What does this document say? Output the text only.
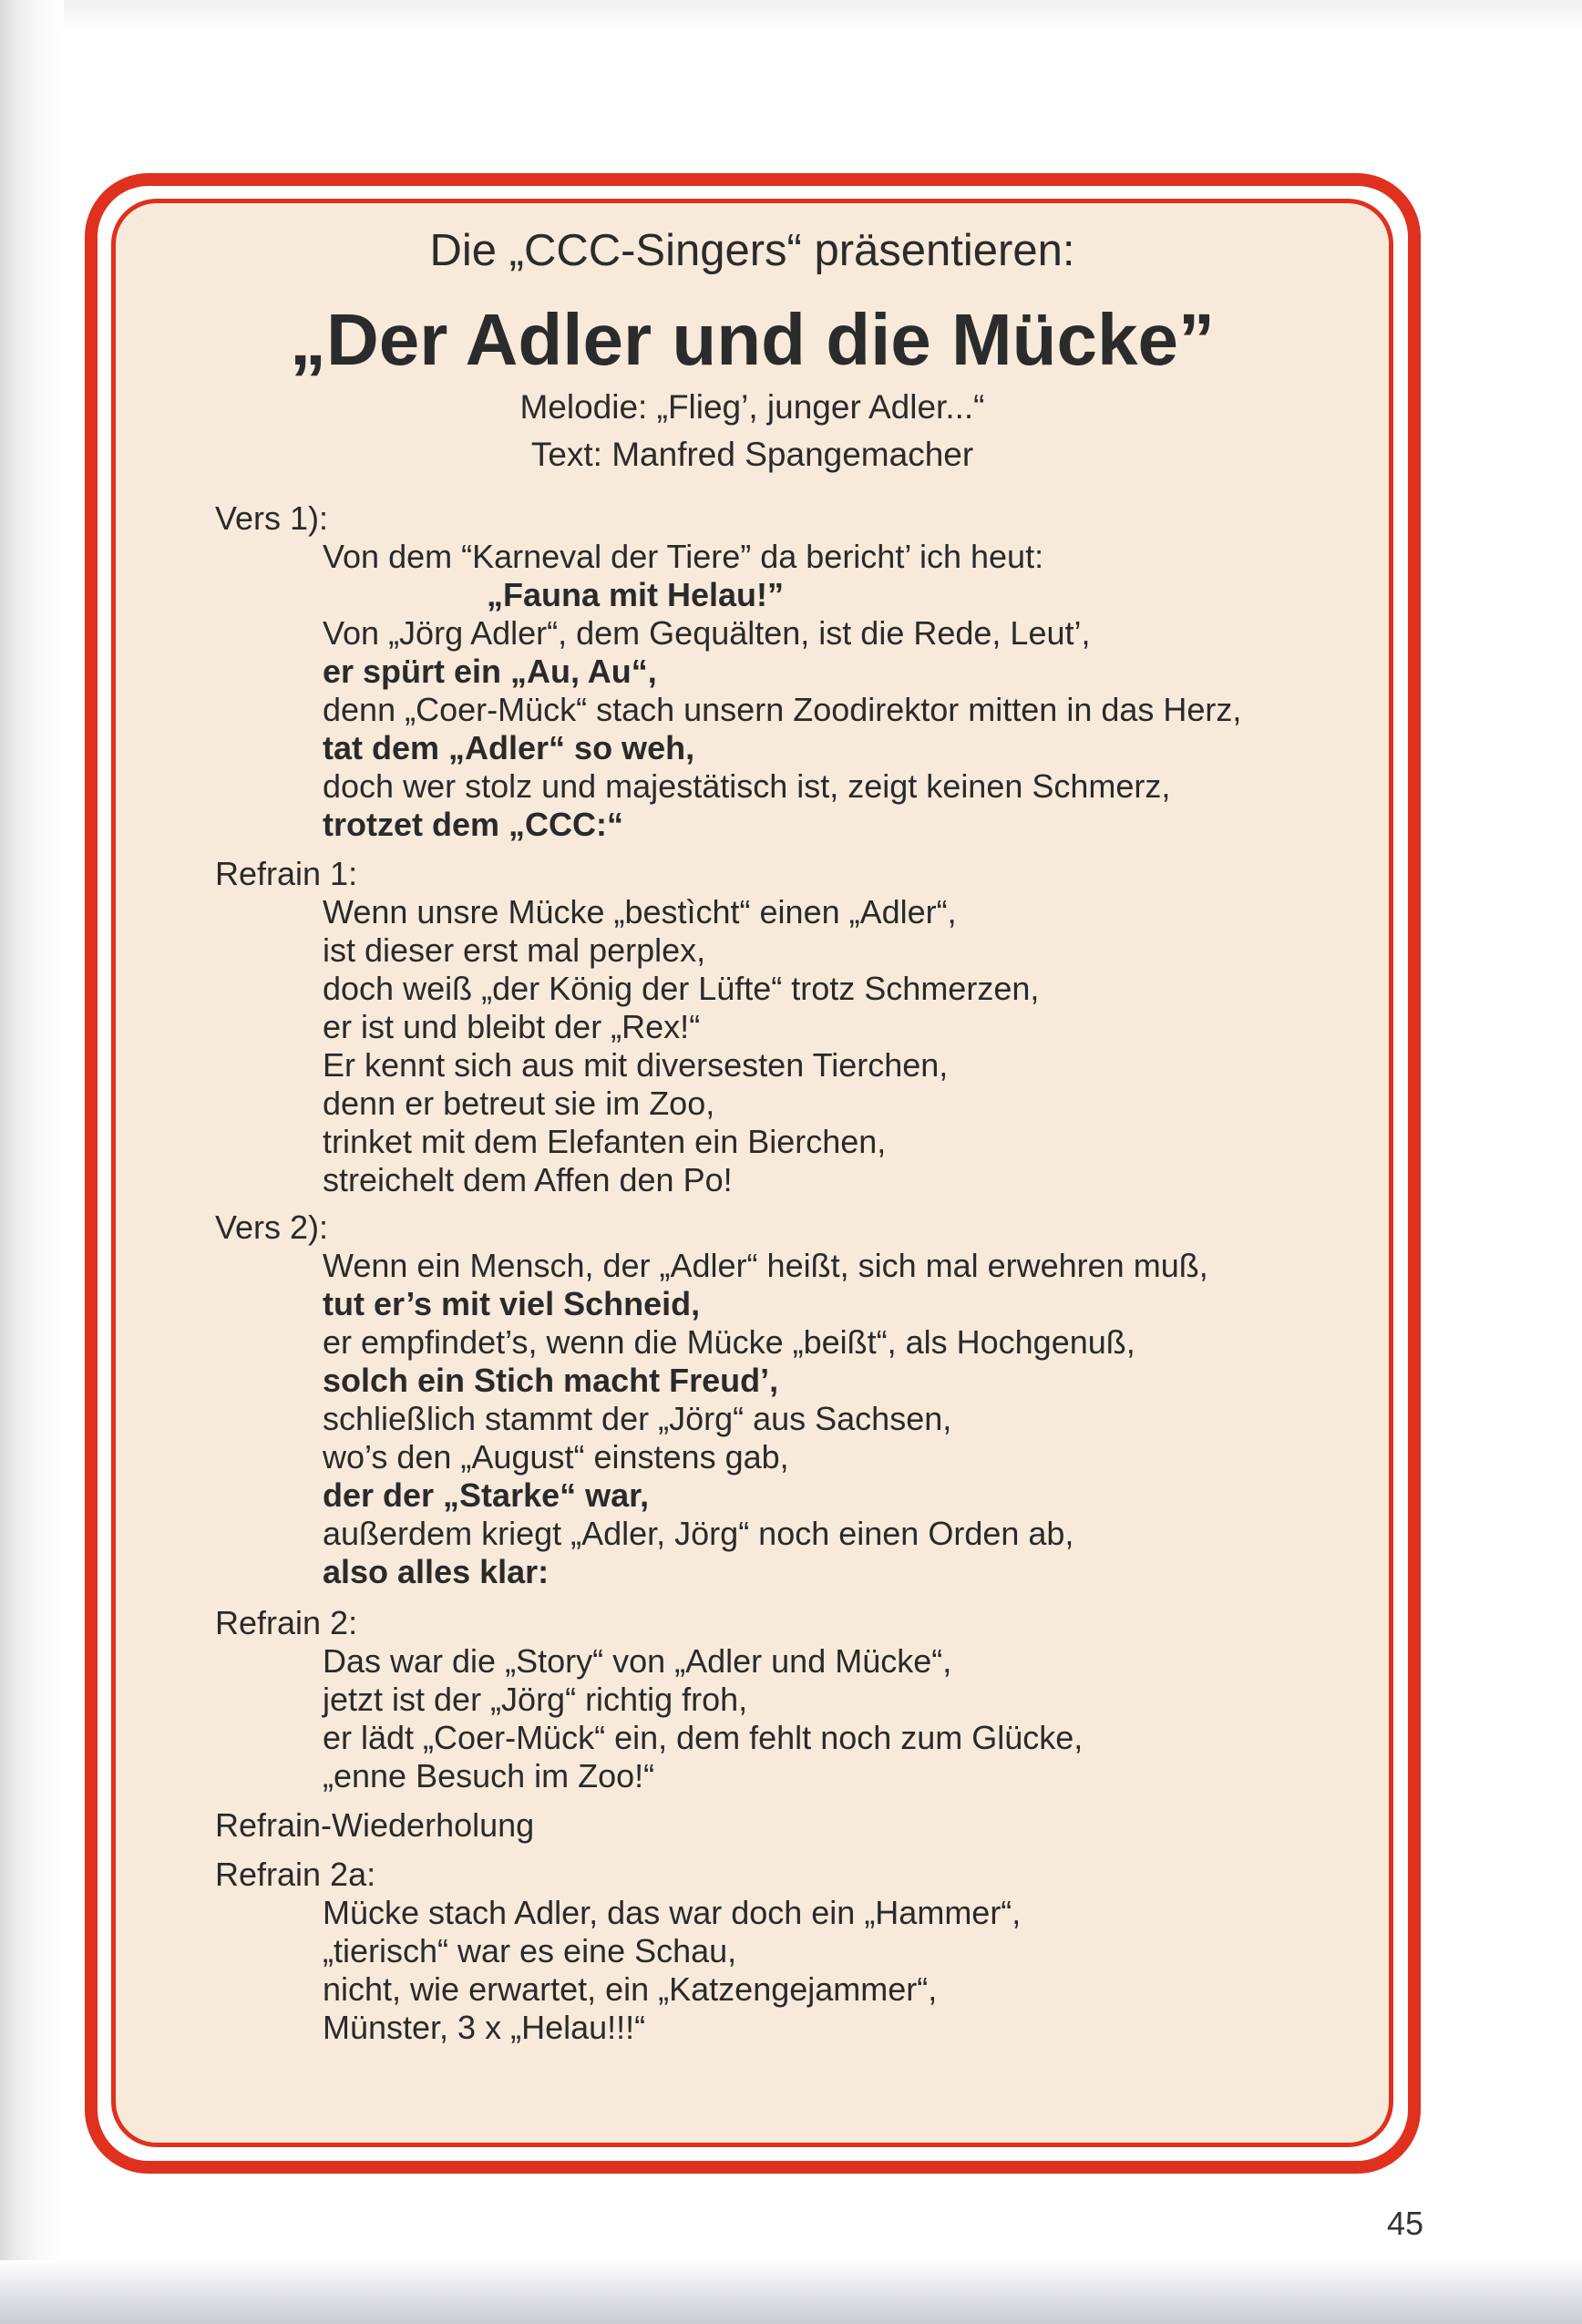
Die „CCC-Singers“ präsentieren:
„Der Adler und die Mücke”
Melodie: „Flieg’, junger Adler...“
Text: Manfred Spangemacher

Vers 1):

Von dem “Karneval der Tiere” da bericht’ ich heut:
„Fauna mit Helau!”
Von „Jörg Adler“, dem Gequälten, ist die Rede, Leut’,
er spürt ein „Au, Au“,
denn „Coer-Mück“ stach unsern Zoodirektor mitten in das Herz,
tat dem „Adler“ so weh,
doch wer stolz und majestätisch ist, zeigt keinen Schmerz,
trotzet dem „CCC:“

Refrain 1:

Wenn unsre Mücke „bestìcht“ einen „Adler“,
ist dieser erst mal perplex,
doch weiß „der König der Lüfte“ trotz Schmerzen,
er ist und bleibt der „Rex!“
Er kennt sich aus mit diversesten Tierchen,
denn er betreut sie im Zoo,
trinket mit dem Elefanten ein Bierchen,
streichelt dem Affen den Po!

Vers 2):

Wenn ein Mensch, der „Adler“ heißt, sich mal erwehren muß,
tut er’s mit viel Schneid,
er empfindet’s, wenn die Mücke „beißt“, als Hochgenuß,
solch ein Stich macht Freud’,
schließlich stammt der „Jörg“ aus Sachsen,
wo’s den „August“ einstens gab,
der der „Starke“ war,
außerdem kriegt „Adler, Jörg“ noch einen Orden ab,
also alles klar:

Refrain 2:

Das war die „Story“ von „Adler und Mücke“,
jetzt ist der „Jörg“ richtig froh,
er lädt „Coer-Mück“ ein, dem fehlt noch zum Glücke,
„enne Besuch im Zoo!“

Refrain-Wiederholung

Refrain 2a:

Mücke stach Adler, das war doch ein „Hammer“,
„tierisch“ war es eine Schau,
nicht, wie erwartet, ein „Katzengejammer“,
Münster, 3 x „Helau!!!“
45
